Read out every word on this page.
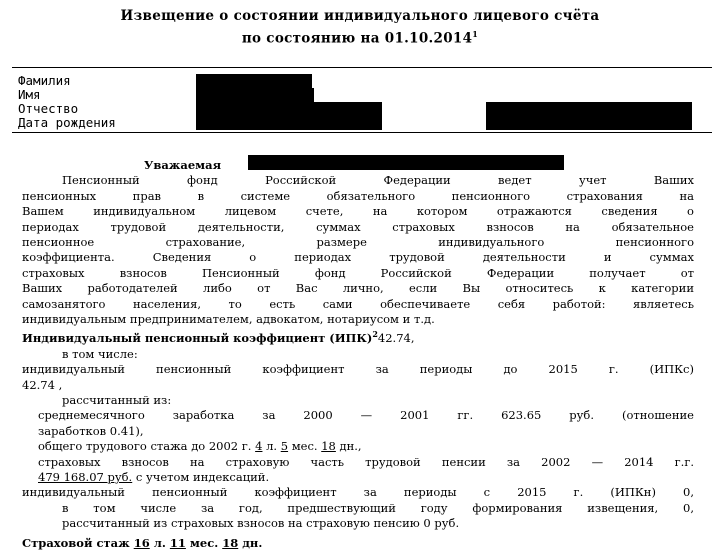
Извещение о состоянии индивидуального лицевого счёта
по состоянию на 01.10.2014$^1$
Фамилия
Имя
Отчество
Дата рождения
Уважаемая

Пенсионный фонд Российской Федерации ведет учет Ваших

пенсионных прав в системе обязательного пенсионного страхования на

Вашем индивидуальном лицевом счете, на котором отражаются сведения о

периодах трудовой деятельности, суммах страховых взносов на обязательное

пенсионное страхование, размере индивидуального пенсионного

коэффициента. Сведения о периодах трудовой деятельности и суммах

страховых взносов Пенсионный фонд Российской Федерации получает от

Ваших работодателей либо от Вас лично, если Вы относитесь к категории

самозанятого населения, то есть сами обеспечиваете себя работой: являетесь

индивидуальным предпринимателем, адвокатом, нотариусом и т.д.

Индивидуальный пенсионный коэффициент (ИПК)$^2$42.74,

в том числе:

индивидуальный пенсионный коэффициент за периоды до 2015 г. (ИПКс)

42.74 ,

рассчитанный из:

среднемесячного заработка за 2000 — 2001 гг. 623.65 руб. (отношение

заработков 0.41),

общего трудового стажа до 2002 г. 4 л. 5 мес. 18 дн.,

страховых взносов на страховую часть трудовой пенсии за 2002 — 2014 г.г.

479 168.07 руб. с учетом индексаций.

индивидуальный пенсионный коэффициент за периоды с 2015 г. (ИПКн) 0,

в том числе за год, предшествующий году формирования извещения, 0,

рассчитанный из страховых взносов на страховую пенсию 0 руб.

Страховой стаж 16 л. 11 мес. 18 дн.
